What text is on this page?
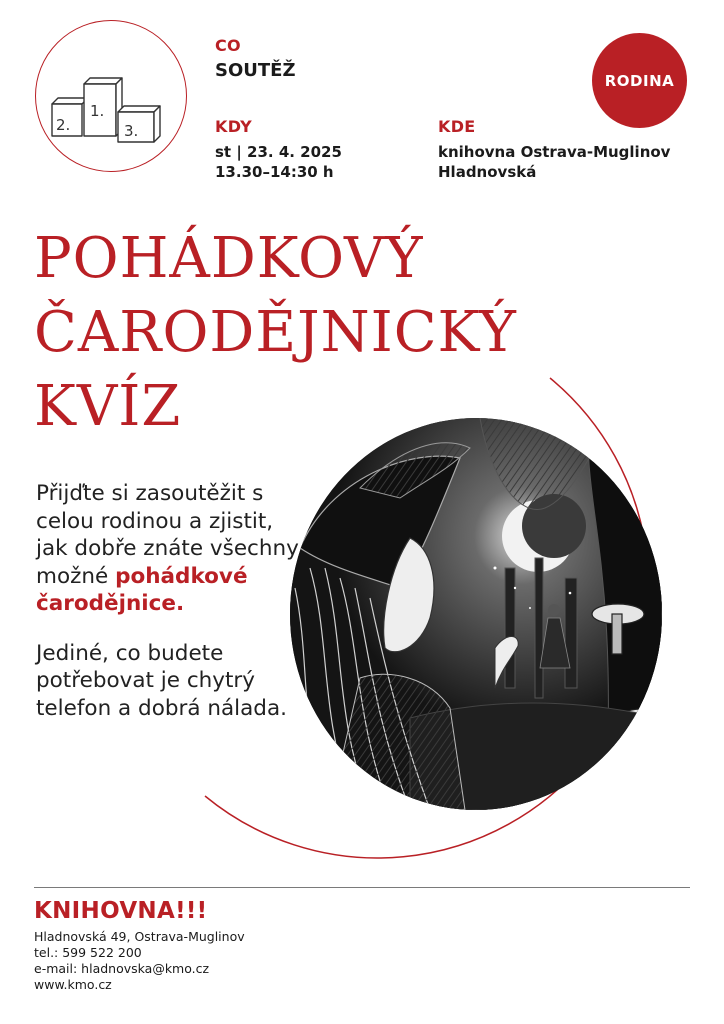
2.
1.
3.
CO
SOUTĚŽ
KDY
st | 23. 4. 2025
13.30–14:30 h
KDE
knihovna Ostrava-Muglinov
Hladnovská
RODINA
POHÁDKOVÝ
ČARODĚJNICKÝ
KVÍZ

Přijďte si zasoutěžit s celou rodinou a zjistit, jak dobře znáte všechny možné pohádkové čarodějnice.

Jediné, co budete potřebovat je chytrý telefon a dobrá nálada.

KNIHOVNA!!!
Hladnovská 49, Ostrava-Muglinov
tel.: 599 522 200
e-mail: hladnovska@kmo.cz
www.kmo.cz
